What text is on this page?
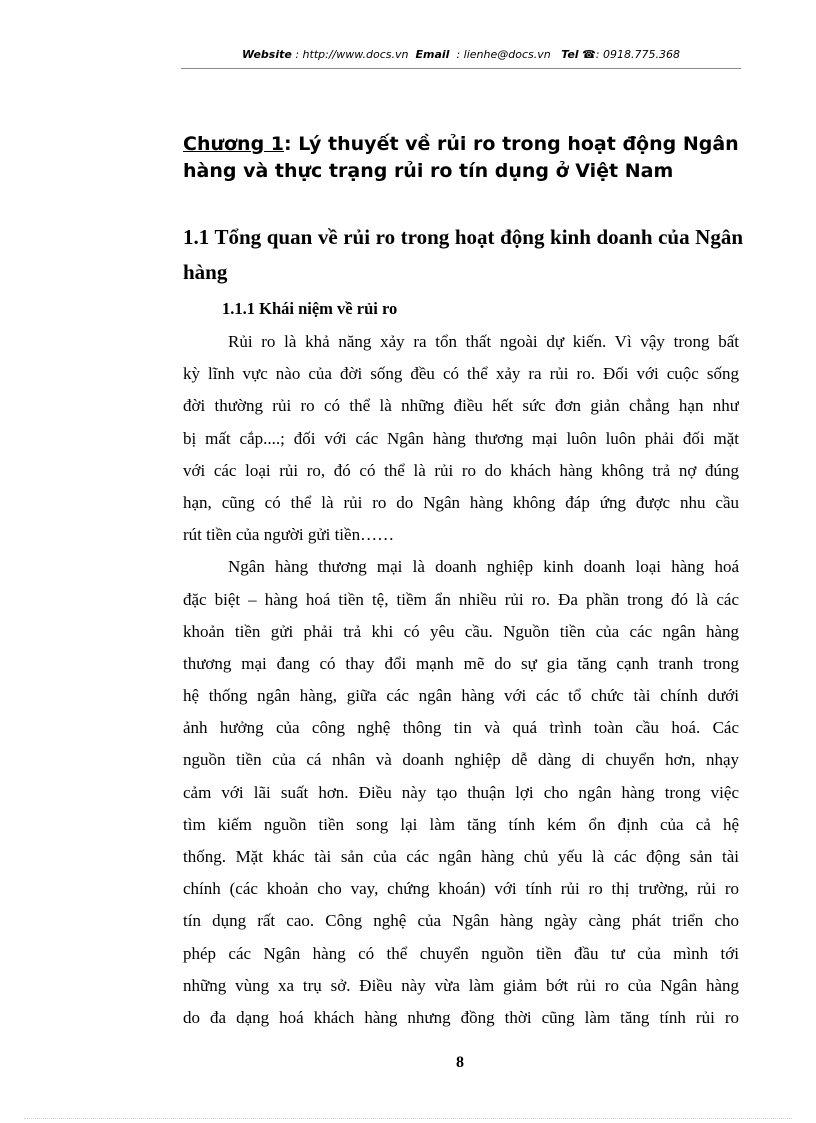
Website : http://www.docs.vn Email : lienhe@docs.vn Tel ☎: 0918.775.368
Chương 1: Lý thuyết về rủi ro trong hoạt động Ngân
hàng và thực trạng rủi ro tín dụng ở Việt Nam
1.1 Tổng quan về rủi ro trong hoạt động kinh doanh của Ngân hàng
1.1.1 Khái niệm về rủi ro
Rủi ro là khả năng xảy ra tổn thất ngoài dự kiến. Vì vậy trong bất
kỳ lĩnh vực nào của đời sống đều có thể xảy ra rủi ro. Đối với cuộc sống
đời thường rủi ro có thể là những điều hết sức đơn giản chẳng hạn như
bị mất cắp....; đối với các Ngân hàng thương mại luôn luôn phải đối mặt
với các loại rủi ro, đó có thể là rủi ro do khách hàng không trả nợ đúng
hạn, cũng có thể là rủi ro do Ngân hàng không đáp ứng được nhu cầu
rút tiền của người gửi tiền……
Ngân hàng thương mại là doanh nghiệp kinh doanh loại hàng hoá
đặc biệt – hàng hoá tiền tệ, tiềm ẩn nhiều rủi ro. Đa phần trong đó là các
khoản tiền gửi phải trả khi có yêu cầu. Nguồn tiền của các ngân hàng
thương mại đang có thay đổi mạnh mẽ do sự gia tăng cạnh tranh trong
hệ thống ngân hàng, giữa các ngân hàng với các tổ chức tài chính dưới
ảnh hưởng của công nghệ thông tin và quá trình toàn cầu hoá. Các
nguồn tiền của cá nhân và doanh nghiệp dễ dàng di chuyển hơn, nhạy
cảm với lãi suất hơn. Điều này tạo thuận lợi cho ngân hàng trong việc
tìm kiếm nguồn tiền song lại làm tăng tính kém ổn định của cả hệ
thống. Mặt khác tài sản của các ngân hàng chủ yếu là các động sản tài
chính (các khoản cho vay, chứng khoán) với tính rủi ro thị trường, rủi ro
tín dụng rất cao. Công nghệ của Ngân hàng ngày càng phát triển cho
phép các Ngân hàng có thể chuyển nguồn tiền đầu tư của mình tới
những vùng xa trụ sở. Điều này vừa làm giảm bớt rủi ro của Ngân hàng
do đa dạng hoá khách hàng nhưng đồng thời cũng làm tăng tính rủi ro
8
